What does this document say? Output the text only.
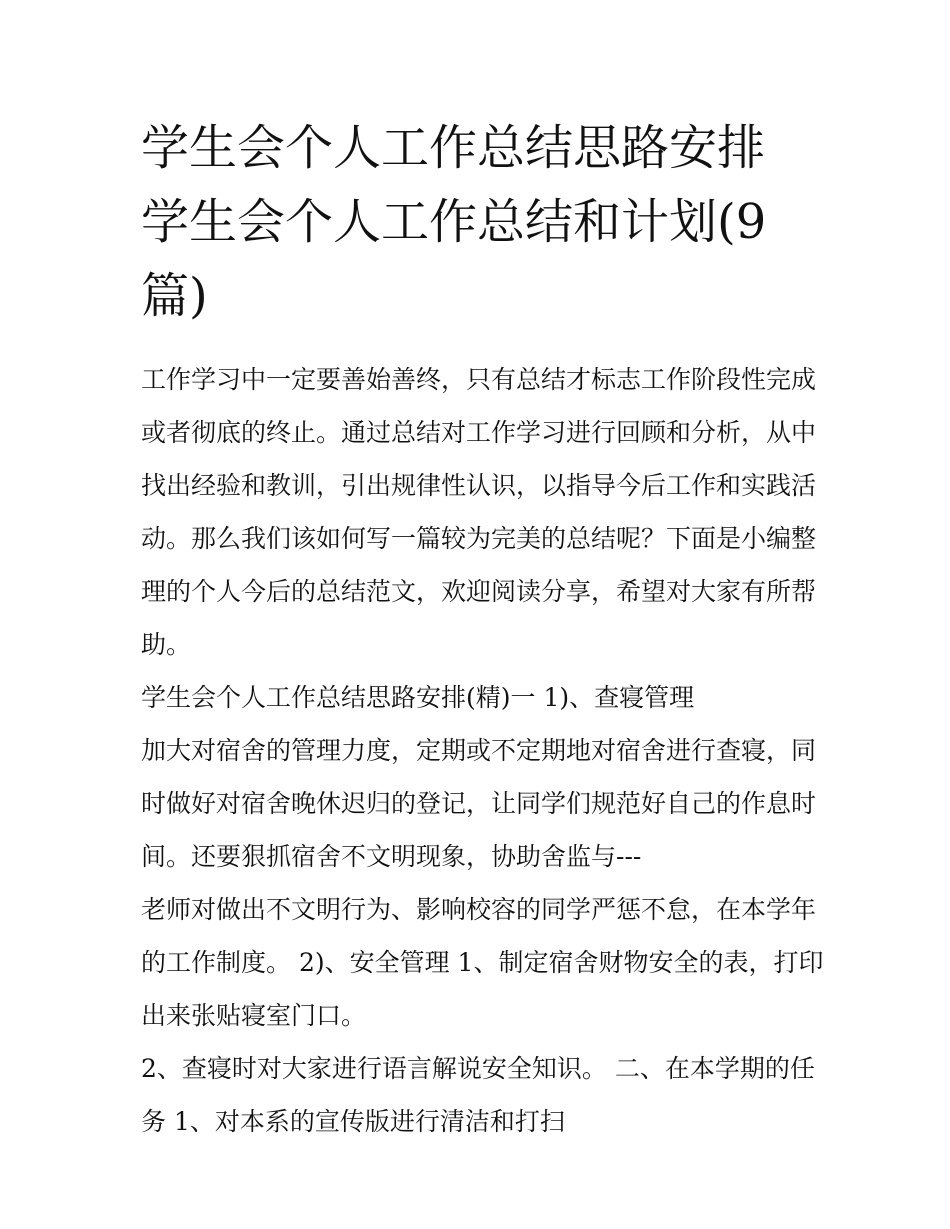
学生会个人工作总结思路安排
学生会个人工作总结和计划(9
篇)

工作学习中一定要善始善终，只有总结才标志工作阶段性完成
或者彻底的终止。通过总结对工作学习进行回顾和分析，从中
找出经验和教训，引出规律性认识，以指导今后工作和实践活
动。那么我们该如何写一篇较为完美的总结呢？下面是小编整
理的个人今后的总结范文，欢迎阅读分享，希望对大家有所帮
助。

学生会个人工作总结思路安排(精)一 1)、查寝管理

加大对宿舍的管理力度，定期或不定期地对宿舍进行查寝，同
时做好对宿舍晚休迟归的登记，让同学们规范好自己的作息时
间。还要狠抓宿舍不文明现象，协助舍监与---

老师对做出不文明行为、影响校容的同学严惩不怠，在本学年
的工作制度。 2)、安全管理 1、制定宿舍财物安全的表，打印
出来张贴寝室门口。

2、查寝时对大家进行语言解说安全知识。 二、在本学期的任
务 1、对本系的宣传版进行清洁和打扫
